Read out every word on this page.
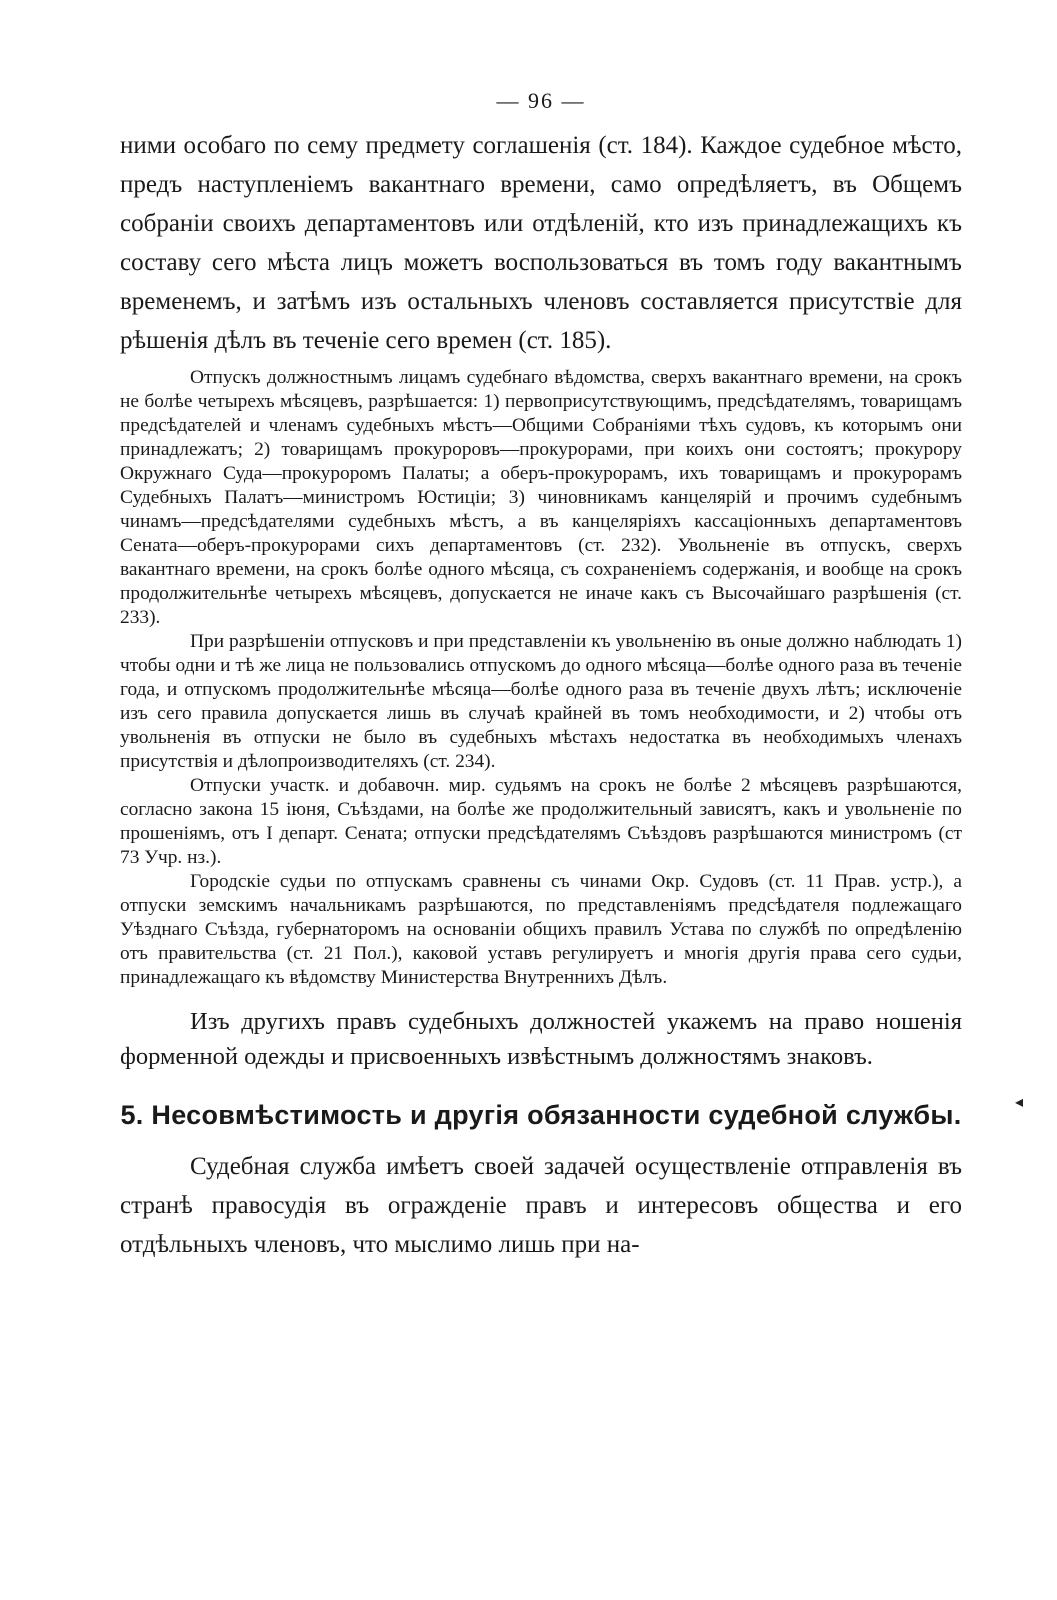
— 96 —

ними особаго по сему предмету соглашенія (ст. 184). Каждое судебное мѣсто, предъ наступленіемъ вакантнаго времени, само опредѣляетъ, въ Общемъ собраніи своихъ департаментовъ или отдѣленій, кто изъ принадлежащихъ къ составу сего мѣста лицъ можетъ воспользоваться въ томъ году вакантнымъ временемъ, и затѣмъ изъ остальныхъ членовъ составляется присутствіе для рѣшенія дѣлъ въ теченіе сего времен (ст. 185).

Отпускъ должностнымъ лицамъ судебнаго вѣдомства, сверхъ вакантнаго времени, на срокъ не болѣе четырехъ мѣсяцевъ, разрѣшается: 1) первоприсутствующимъ, предсѣдателямъ, товарищамъ предсѣдателей и членамъ судебныхъ мѣстъ—Общими Собраніями тѣхъ судовъ, къ которымъ они принадлежатъ; 2) товарищамъ прокуроровъ—прокурорами, при коихъ они состоятъ; прокурору Окружнаго Суда—прокуроромъ Палаты; а оберъ-прокурорамъ, ихъ товарищамъ и прокурорамъ Судебныхъ Палатъ—министромъ Юстиціи; 3) чиновникамъ канцелярій и прочимъ судебнымъ чинамъ—предсѣдателями судебныхъ мѣстъ, а въ канцеляріяхъ кассаціонныхъ департаментовъ Сената—оберъ-прокурорами сихъ департаментовъ (ст. 232). Увольненіе въ отпускъ, сверхъ вакантнаго времени, на срокъ болѣе одного мѣсяца, съ сохраненіемъ содержанія, и вообще на срокъ продолжительнѣе четырехъ мѣсяцевъ, допускается не иначе какъ съ Высочайшаго разрѣшенія (ст. 233).

При разрѣшеніи отпусковъ и при представленіи къ увольненію въ оные должно наблюдать 1) чтобы одни и тѣ же лица не пользовались отпускомъ до одного мѣсяца—болѣе одного раза въ теченіе года, и отпускомъ продолжительнѣе мѣсяца—болѣе одного раза въ теченіе двухъ лѣтъ; исключеніе изъ сего правила допускается лишь въ случаѣ крайней въ томъ необходимости, и 2) чтобы отъ увольненія въ отпуски не было въ судебныхъ мѣстахъ недостатка въ необходимыхъ членахъ присутствія и дѣлопроизводителяхъ (ст. 234).

Отпуски участк. и добавочн. мир. судьямъ на срокъ не болѣе 2 мѣсяцевъ разрѣшаются, согласно закона 15 іюня, Съѣздами, на болѣе же продолжительный зависятъ, какъ и увольненіе по прошеніямъ, отъ I департ. Сената; отпуски предсѣдателямъ Съѣздовъ разрѣшаются министромъ (ст 73 Учр. нз.).

Городскіе судьи по отпускамъ сравнены съ чинами Окр. Судовъ (ст. 11 Прав. устр.), а отпуски земскимъ начальникамъ разрѣшаются, по представленіямъ предсѣдателя подлежащаго Уѣзднаго Съѣзда, губернаторомъ на основаніи общихъ правилъ Устава по службѣ по опредѣленію отъ правительства (ст. 21 Пол.), каковой уставъ регулируетъ и многія другія права сего судьи, принадлежащаго къ вѣдомству Министерства Внутреннихъ Дѣлъ.

Изъ другихъ правъ судебныхъ должностей укажемъ на право ношенія форменной одежды и присвоенныхъ извѣстнымъ должностямъ знаковъ.

5. Несовмѣстимость и другія обязанности судебной службы.

Судебная служба имѣетъ своей задачей осуществленіе отправленія въ странѣ правосудія въ огражденіе правъ и интересовъ общества и его отдѣльныхъ членовъ, что мыслимо лишь при на-

◂
